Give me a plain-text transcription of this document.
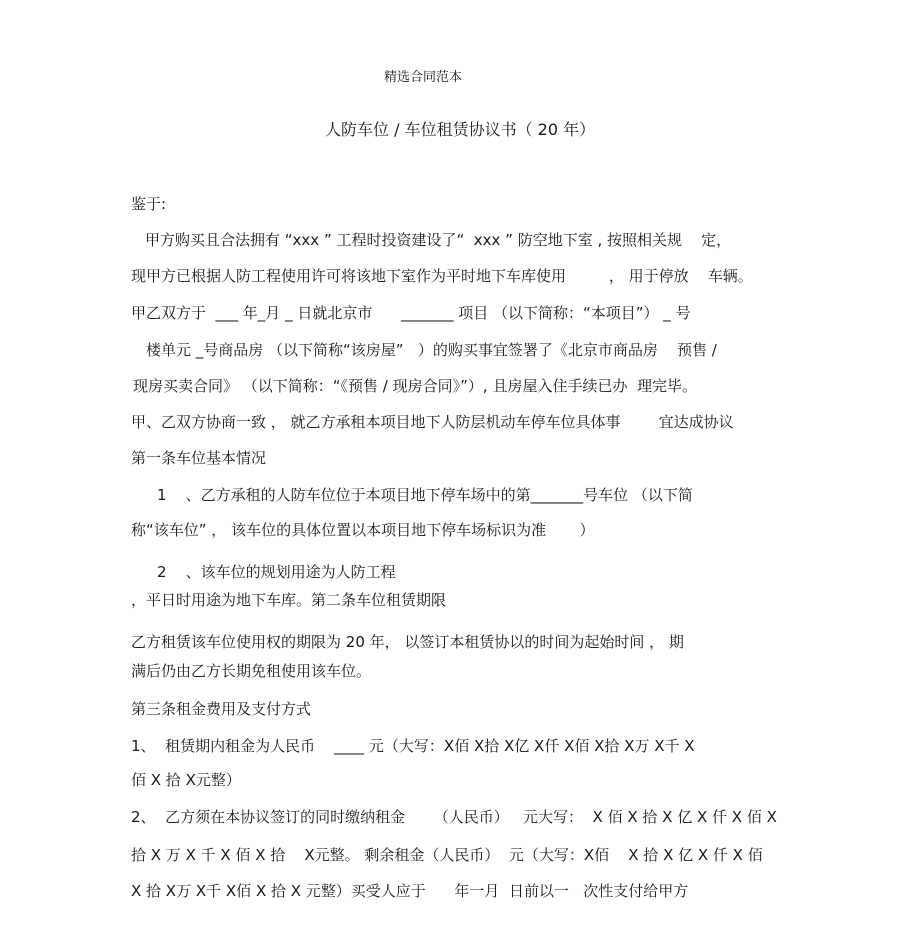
精选合同范本
人防车位 / 车位租赁协议书（ 20 年）
鉴于:
甲方购买且合法拥有 “xxx ” 工程时投资建设了“  xxx ” 防空地下室 , 按照相关规    定，
现甲方已根据人防工程使用许可将该地下室作为平时地下车库使用         ， 用于停放    车辆。
甲乙双方于  ___ 年_月 _ 日就北京市      _______ 项目 （以下简称：“本项目”） _ 号
楼单元 _号商品房 （以下简称“该房屋”   ）的购买事宜签署了《北京市商品房    预售 /
现房买卖合同》 （以下简称：“《预售 / 现房合同》”）, 且房屋入住手续已办  理完毕。
甲、乙双方协商一致 ， 就乙方承租本项目地下人防层机动车停车位具体事        宜达成协议
第一条车位基本情况
1    、乙方承租的人防车位位于本项目地下停车场中的第_______号车位 （以下简
称“该车位” ， 该车位的具体位置以本项目地下停车场标识为准       ）
2    、该车位的规划用途为人防工程
，平日时用途为地下车库。第二条车位租赁期限
乙方租赁该车位使用权的期限为 20 年， 以签订本租赁协以的时间为起始时间 ， 期
满后仍由乙方长期免租使用该车位。
第三条租金费用及支付方式
1、  租赁期内租金为人民币    ____ 元（大写：X佰 X拾 X亿 X仟 X佰 X拾 X万 X千 X
佰 X 拾 X元整）
2、  乙方须在本协议签订的同时缴纳租金      （人民币）   元大写：  X 佰 X 拾 X 亿 X 仟 X 佰 X
拾 X 万 X 千 X 佰 X 拾    X元整。 剩余租金（人民币）  元（大写：X佰    X 拾 X 亿 X 仟 X 佰
X 拾 X万 X千 X佰 X 拾 X 元整）买受人应于      年一月  日前以一   次性支付给甲方
